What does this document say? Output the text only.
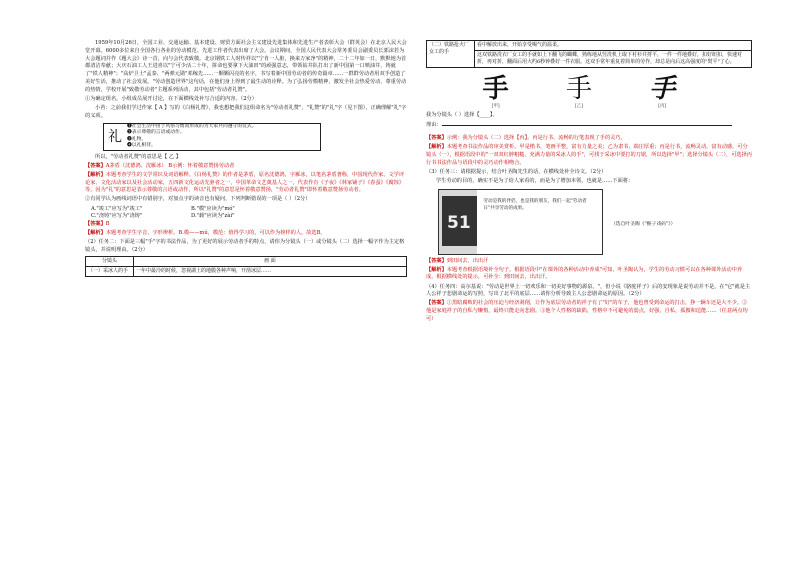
1959年10月26日，全国工业、交通运输、基本建设、财贸方面社会主义建设先进集体和先进生产者表彰大会（群英会）在北京人民大会堂开幕。6000多位来自全国各行各业的劳动模范、先进工作者代表出席了大会。会议期间，全国人民代表大会常务委员会副委员长郭沫若为大会题词并作《题大会》诗一首，向与会代表致敬。北京钢铁工人时传祥以"宁肯一人脏，换来万家净"的精神，二十二年如一日，默默地为首都清洁奉献；大庆石油工人王进喜以"宁可少活二十年，拼命也要拿下大油田"的顽强意志，带领钻井队打出了新中国第一口喷油井，铸就了"铁人精神"；"高炉卫士"孟泰、"两弹元勋"邓稼先……一颗颗闪亮的名字，书写着新中国劳动者的传奇篇章……一群群劳动者用双手创造了美好生活，推动了社会发展。"劳动创造世界"这句话，在他们身上得到了最生动的诠释。为了弘扬劳模精神，激发全社会热爱劳动、尊重劳动的热情，学校开展"致敬劳动者"主题系列活动，其中包括"劳动者礼赞"。

①为确定组名，小组成员展开讨论，在下面横线处补写合适的内容。（2分）

小苔：之前我们学过作家【 A 】写的《白杨礼赞》，我也想把我们这组命名为"劳动者礼赞"，"礼赞"的"礼"字（见下图），正确理解"礼"字的义项。

礼
❶社会生活中由于风俗习惯而形成的为大家共同遵守的仪式。
❷表示尊敬的言语或动作。
❸礼物。
❹以礼相待。

所以，"劳动者礼赞"的意思是【 乙 】

【答案】A茅盾（沈德鸿、沈雁冰） B示例：怀着敬意赞扬劳动者

【解析】本题考查学生的文学常识及词语解释。《白杨礼赞》的作者是茅盾，原名沈德鸿，字雁冰，以笔名茅盾著称，中国现代作家、文学评论家、文化活动家以及社会活动家，五四新文化运动先驱者之一，中国革命文艺奠基人之一，代表作有《子夜》《林家铺子》《春蚕》《腐蚀》等。因为"礼"的意思是表示尊敬的言语或动作，所以"礼赞"的意思是怀着敬意赞扬，"劳动者礼赞"即怀着敬意赞扬劳动者。

②有同学认为画线词语中有错别字，对加点字的读音也有疑问，下列判断错误的一项是（ ）（2分）

A."竣工"应写为"竣工"	B."模"应读为"mó"
C."浇铸"应写为"浇铸"	D."载"应读为"zài"

【答案】B

【解析】本题考查学生字音、字形辨析。B.模——mú，模范：值得学习的，可以作为榜样的人。故选B。

（2）任务二：下面是三幅"手"字的书法作品，为了更好的展示劳动者手的特点，请你为分镜头（一）或分镜头（二）选择一幅字作为主定格镜头，并说明理由。（2分）

分镜头	画 面
（一）采冰人的手	一年中最冷的时候，忽视湖上的地膜各种声响，开凿冰层……
（二）铁路抢火厂女工的手	看中解放出来，开始享受喝气的温柔。
这双铁路洗衣厂女工的手就如上下翻飞的蝴蝶，熟练地从竖洗机上取下衬衫并捋平，一件一件地叠好，扣好纽扣，快速对折，再对折，翻面后用大约6秒钟叠好一件衣服。这双手常年重复着简单的劳作，却总是向后这高强度的"熨平"了心。
手
[甲]
手
[乙]
手
[丙]

我为分镜头（ ）选择【____】。

理由：

【答案】示例：我为分镜头（二）选择【丙】。丙是行书，流畅的行笔表现了手的灵巧。

【解析】本题考查书法作品的审美赏析。甲是楷书，笔画平整，富有力量之美；乙为隶书，端庄厚重；丙是行书，流畅灵动，富有动感。可分镜头（一），根据语段中的"一双双红肿粗糙、充满力量的采冰人的手"，可找于采冰中要打的刀锯，所以选择"甲"；选择分镜头（二），可选择丙行书书法作品与语段中的灵巧动作相吻合。

（3）任务三：请根据提示，结合叶圣陶先生的话，在横线处补全诗文。（2分）

学生劳动的目的，确实不是为了给人家看的，而是为了增加本领，也就是……下面将：

51
劳动是我的伴侣，也是我的朋友，我们一起"劳动者日"共享劳动的成果。
（选自叶圣陶《"猴子戏码"》）

【答案】到田间去，出出汗

【解析】本题考查根据语境补全句子。根据语段中"在课外的各种活动中养成"可知，叶圣陶认为，学生的劳动习惯可以在各种课外活动中养成。根据横线处的提示，可补全：到田间去，出出汗。

（4）任务四：高尔基说："劳动是世界上一切欢乐和一切美好事物的源泉。"，但小说《骆驼祥子》后的安现象是说劳动并不是，在"它"就是主人公祥子悲剧命运的写照，写出了北平的底层……请你分析导致主人公悲剧命运的原因。（2分）

【答案】①黑暗腐败的社会的压迫与经济剥削，让作为底层劳动者的祥子有了"好"的车子，他也曾受到命运的打击，挣一辆车还是大不少。②他是家庭祥子的自私与懒惰，最终只能走向悲剧。③他个人性格的缺陷，性格中不可避免的弱点，好强，自私，孤傲和逞能……（任意两点均可）
